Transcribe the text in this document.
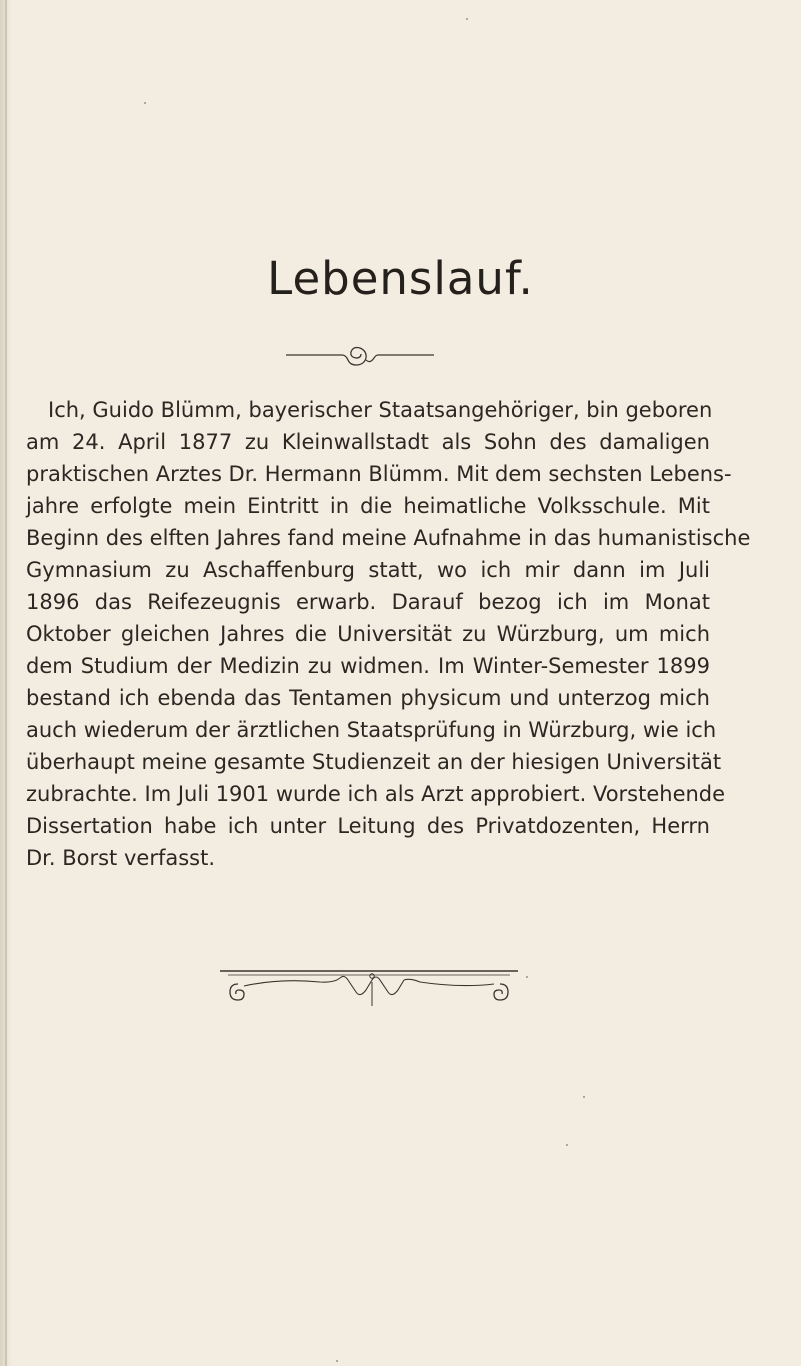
Lebenslauf.
Ich, Guido Blümm, bayerischer Staatsangehöriger, bin geboren
am 24. April 1877 zu Kleinwallstadt als Sohn des damaligen
praktischen Arztes Dr. Hermann Blümm. Mit dem sechsten Lebens-
jahre erfolgte mein Eintritt in die heimatliche Volksschule. Mit
Beginn des elften Jahres fand meine Aufnahme in das humanistische
Gymnasium zu Aschaffenburg statt, wo ich mir dann im Juli
1896 das Reifezeugnis erwarb. Darauf bezog ich im Monat
Oktober gleichen Jahres die Universität zu Würzburg, um mich
dem Studium der Medizin zu widmen. Im Winter-Semester 1899
bestand ich ebenda das Tentamen physicum und unterzog mich
auch wiederum der ärztlichen Staatsprüfung in Würzburg, wie ich
überhaupt meine gesamte Studienzeit an der hiesigen Universität
zubrachte. Im Juli 1901 wurde ich als Arzt approbiert. Vorstehende
Dissertation habe ich unter Leitung des Privatdozenten, Herrn
Dr. Borst verfasst.
